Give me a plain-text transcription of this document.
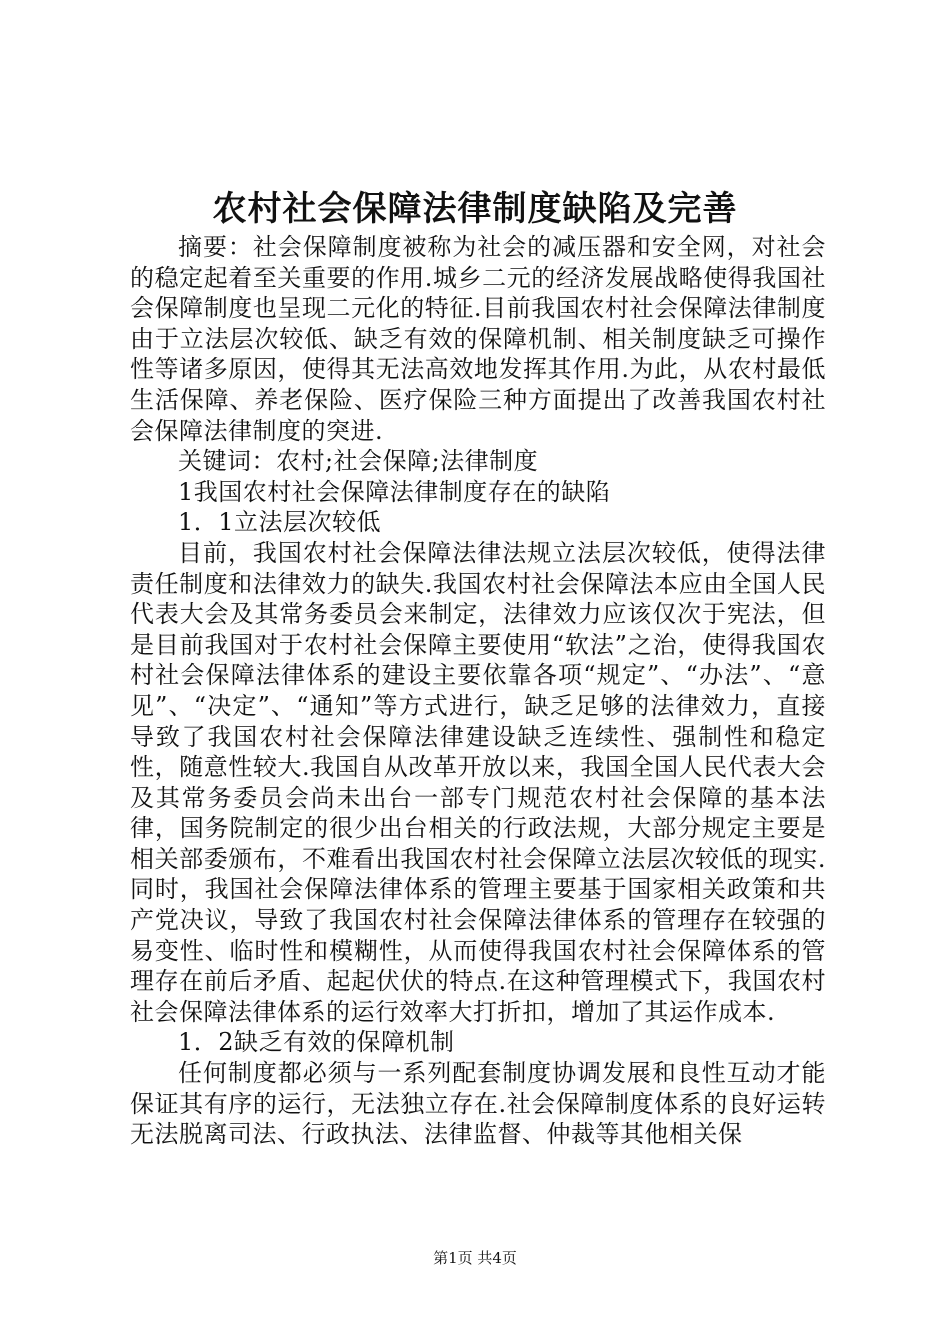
农村社会保障法律制度缺陷及完善

摘要：社会保障制度被称为社会的减压器和安全网，对社会的稳定起着至关重要的作用.城乡二元的经济发展战略使得我国社会保障制度也呈现二元化的特征.目前我国农村社会保障法律制度由于立法层次较低、缺乏有效的保障机制、相关制度缺乏可操作性等诸多原因，使得其无法高效地发挥其作用.为此，从农村最低生活保障、养老保险、医疗保险三种方面提出了改善我国农村社会保障法律制度的突进.

关键词：农村;社会保障;法律制度

1我国农村社会保障法律制度存在的缺陷

1．1立法层次较低

目前，我国农村社会保障法律法规立法层次较低，使得法律责任制度和法律效力的缺失.我国农村社会保障法本应由全国人民代表大会及其常务委员会来制定，法律效力应该仅次于宪法，但是目前我国对于农村社会保障主要使用“软法”之治，使得我国农村社会保障法律体系的建设主要依靠各项“规定”、“办法”、“意见”、“决定”、“通知”等方式进行，缺乏足够的法律效力，直接导致了我国农村社会保障法律建设缺乏连续性、强制性和稳定性，随意性较大.我国自从改革开放以来，我国全国人民代表大会及其常务委员会尚未出台一部专门规范农村社会保障的基本法律，国务院制定的很少出台相关的行政法规，大部分规定主要是相关部委颁布，不难看出我国农村社会保障立法层次较低的现实.同时，我国社会保障法律体系的管理主要基于国家相关政策和共产党决议，导致了我国农村社会保障法律体系的管理存在较强的易变性、临时性和模糊性，从而使得我国农村社会保障体系的管理存在前后矛盾、起起伏伏的特点.在这种管理模式下，我国农村社会保障法律体系的运行效率大打折扣，增加了其运作成本.

1．2缺乏有效的保障机制

任何制度都必须与一系列配套制度协调发展和良性互动才能保证其有序的运行，无法独立存在.社会保障制度体系的良好运转无法脱离司法、行政执法、法律监督、仲裁等其他相关保

第1页 共4页
